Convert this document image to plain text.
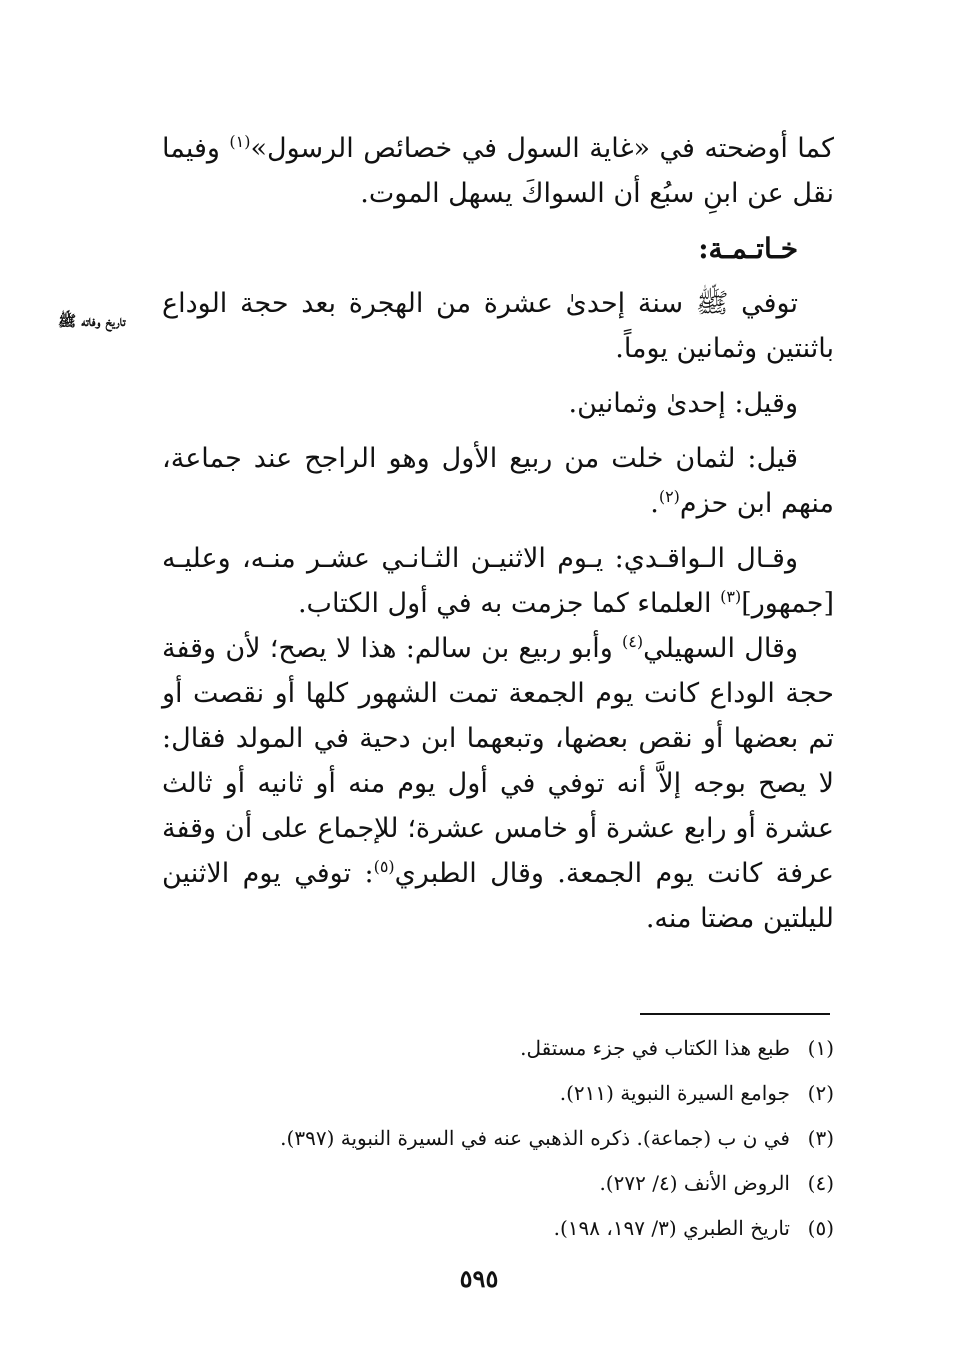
تاريخ وفاته ﷺ

كما أوضحته في «غاية السول في خصائص الرسول»$^{(١)}$ وفيما نقل عن ابنِ سبُع أن السواكَ يسهل الموت.

خـاتـمـة:

توفي ﷺ سنة إحدىٰ عشرة من الهجرة بعد حجة الوداع باثنتين وثمانين يوماً.

وقيل: إحدىٰ وثمانين.

قيل: لثمان خلت من ربيع الأول وهو الراجح عند جماعة، منهم ابن حزم$^{(٢)}$.

وقـال الـواقـدي: يـوم الاثنيـن الثـانـي عشـر منـه، وعليـه [جمهور]$^{(٣)}$ العلماء كما جزمت به في أول الكتاب.

وقال السهيلي$^{(٤)}$ وأبو ربيع بن سالم: هذا لا يصح؛ لأن وقفة حجة الوداع كانت يوم الجمعة تمت الشهور كلها أو نقصت أو تم بعضها أو نقص بعضها، وتبعهما ابن دحية في المولد فقال: لا يصح بوجه إلاَّ أنه توفي في أول يوم منه أو ثانيه أو ثالث عشرة أو رابع عشرة أو خامس عشرة؛ للإجماع على أن وقفة عرفة كانت يوم الجمعة. وقال الطبري$^{(٥)}$: توفي يوم الاثنين لليلتين مضتا منه.

(١)
طبع هذا الكتاب في جزء مستقل.
(٢)
جوامع السيرة النبوية (٢١١).
(٣)
في ن ب (جماعة). ذكره الذهبي عنه في السيرة النبوية (٣٩٧).
(٤)
الروض الأنف (٤/ ٢٧٢).
(٥)
تاريخ الطبري (٣/ ١٩٧، ١٩٨).
٥٩٥
